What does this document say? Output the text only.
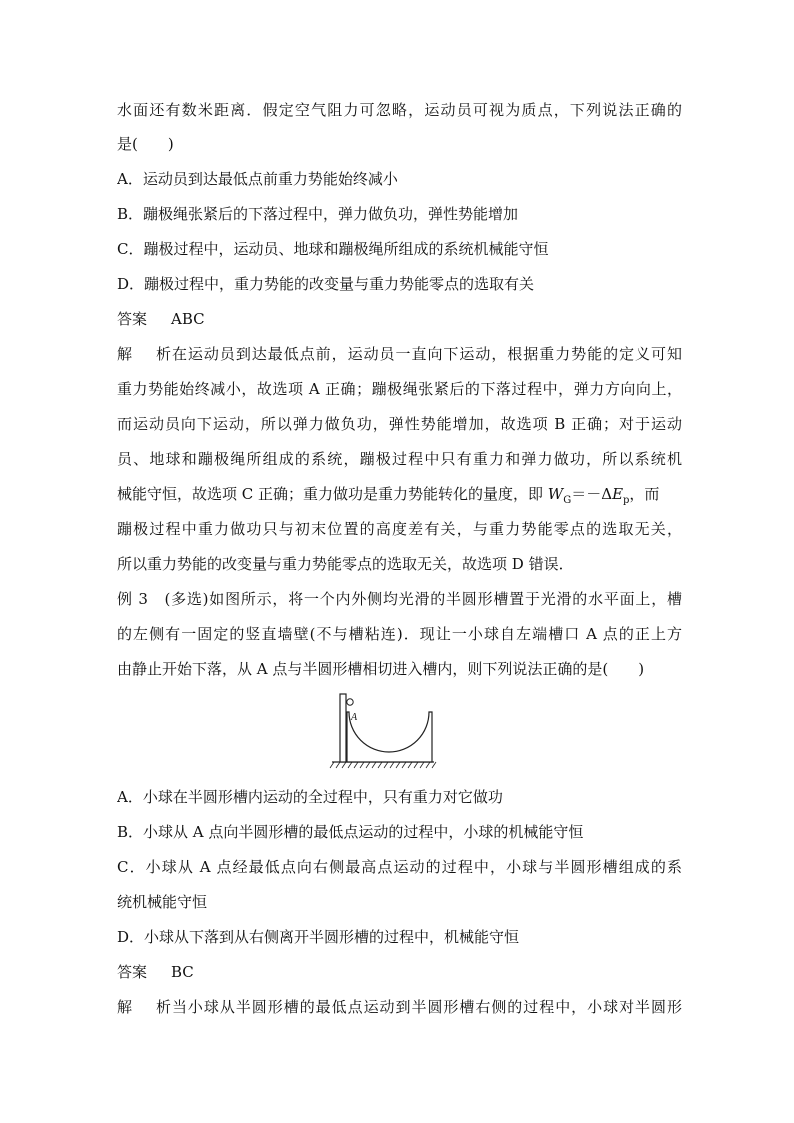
水面还有数米距离．假定空气阻力可忽略，运动员可视为质点，下列说法正确的
是(　　)
A．运动员到达最低点前重力势能始终减小
B．蹦极绳张紧后的下落过程中，弹力做负功，弹性势能增加
C．蹦极过程中，运动员、地球和蹦极绳所组成的系统机械能守恒
D．蹦极过程中，重力势能的改变量与重力势能零点的选取有关
答案 ABC
解析在运动员到达最低点前，运动员一直向下运动，根据重力势能的定义可知
重力势能始终减小，故选项 A 正确；蹦极绳张紧后的下落过程中，弹力方向向上，
而运动员向下运动，所以弹力做负功，弹性势能增加，故选项 B 正确；对于运动
员、地球和蹦极绳所组成的系统，蹦极过程中只有重力和弹力做功，所以系统机
械能守恒，故选项 C 正确；重力做功是重力势能转化的量度，即 $W_G=-\Delta E_p$，而
蹦极过程中重力做功只与初末位置的高度差有关，与重力势能零点的选取无关，
所以重力势能的改变量与重力势能零点的选取无关，故选项 D 错误．
例 3　(多选)如图所示，将一个内外侧均光滑的半圆形槽置于光滑的水平面上，槽
的左侧有一固定的竖直墙壁(不与槽粘连)．现让一小球自左端槽口 A 点的正上方
由静止开始下落，从 A 点与半圆形槽相切进入槽内，则下列说法正确的是(　　)
A
A．小球在半圆形槽内运动的全过程中，只有重力对它做功
B．小球从 A 点向半圆形槽的最低点运动的过程中，小球的机械能守恒
C．小球从 A 点经最低点向右侧最高点运动的过程中，小球与半圆形槽组成的系
统机械能守恒
D．小球从下落到从右侧离开半圆形槽的过程中，机械能守恒
答案 BC
解析当小球从半圆形槽的最低点运动到半圆形槽右侧的过程中，小球对半圆形
